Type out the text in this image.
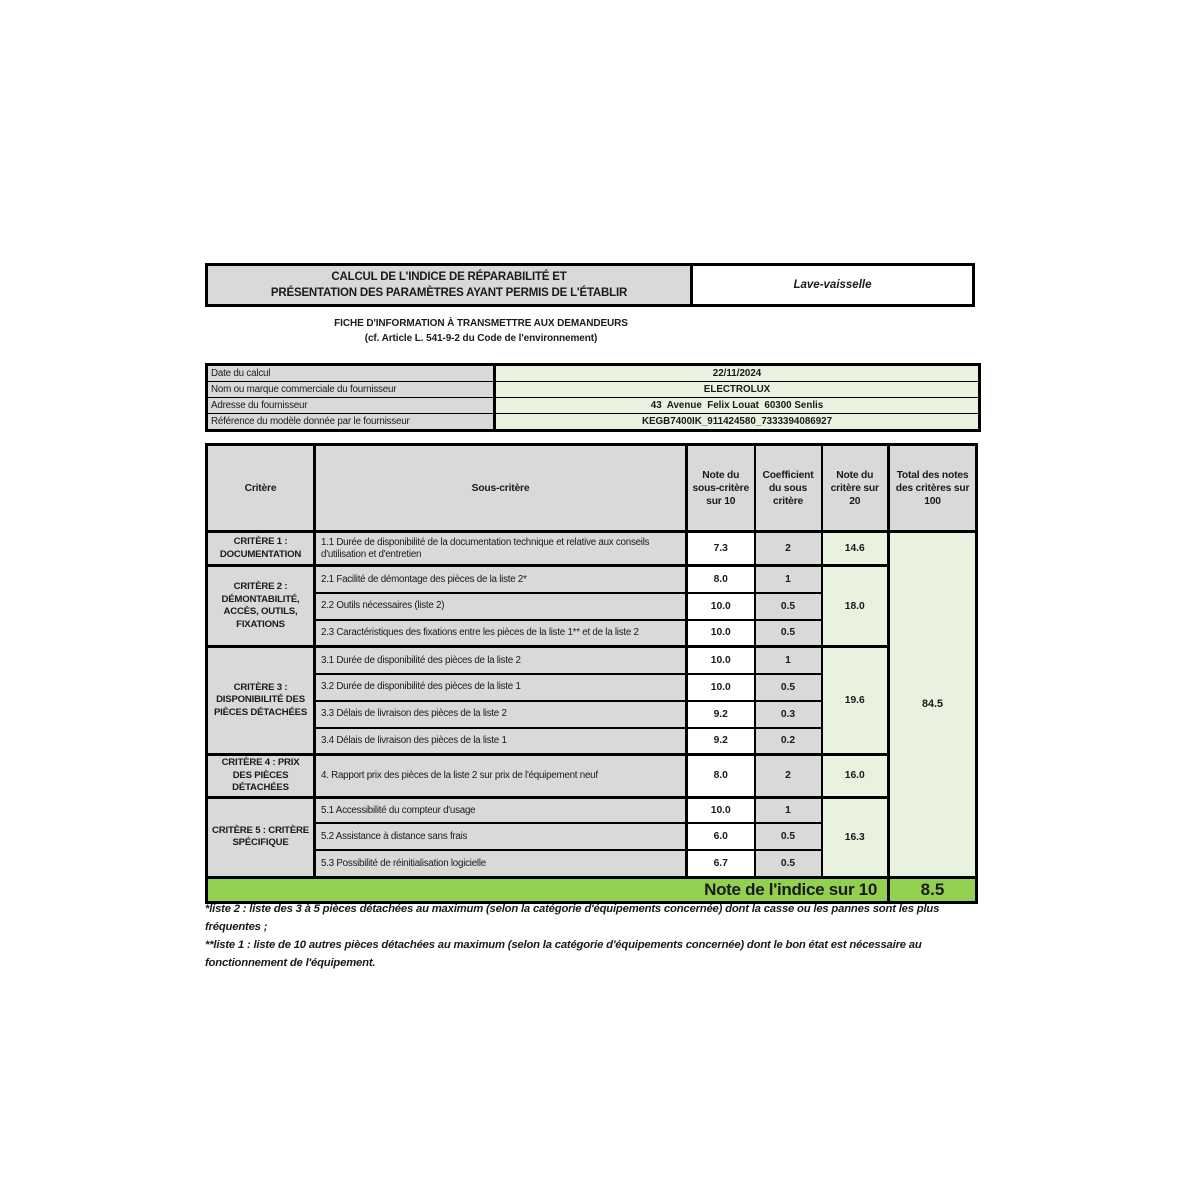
CALCUL DE L'INDICE DE RÉPARABILITÉ ET
PRÉSENTATION DES PARAMÈTRES AYANT PERMIS DE L'ÉTABLIR
Lave-vaisselle
FICHE D'INFORMATION À TRANSMETTRE AUX DEMANDEURS
(cf. Article L. 541-9-2 du Code de l'environnement)
Date du calcul	22/11/2024
Nom ou marque commerciale du fournisseur	ELECTROLUX
Adresse du fournisseur	43  Avenue  Felix Louat  60300 Senlis
Référence du modèle donnée par le fournisseur	KEGB7400IK_911424580_7333394086927
Critère	Sous-critère	Note du sous-critère sur 10	Coefficient du sous critère	Note du critère sur 20	Total des notes des critères sur 100
CRITÈRE 1 : DOCUMENTATION	1.1 Durée de disponibilité de la documentation technique et relative aux conseils d'utilisation et d'entretien	7.3	2	14.6	84.5
CRITÈRE 2 : DÉMONTABILITÉ, ACCÈS, OUTILS, FIXATIONS	2.1 Facilité de démontage des pièces de la liste 2*	8.0	1	18.0	
	2.2 Outils nécessaires (liste 2)	10.0	0.5		
	2.3 Caractéristiques des fixations entre les pièces de la liste 1** et de la liste 2	10.0	0.5		
CRITÈRE 3 : DISPONIBILITÉ DES PIÈCES DÉTACHÉES	3.1 Durée de disponibilité des pièces de la liste 2	10.0	1	19.6	
	3.2 Durée de disponibilité des pièces de la liste 1	10.0	0.5		
	3.3 Délais de livraison des pièces de la liste 2	9.2	0.3		
	3.4 Délais de livraison des pièces de la liste 1	9.2	0.2		
CRITÈRE 4 : PRIX DES PIÈCES DÉTACHÉES	4. Rapport prix des pièces de la liste 2 sur prix de l'équipement neuf	8.0	2	16.0	
CRITÈRE 5 : CRITÈRE SPÉCIFIQUE	5.1 Accessibilité du compteur d'usage	10.0	1	16.3	
	5.2 Assistance à distance sans frais	6.0	0.5		
	5.3 Possibilité de réinitialisation logicielle	6.7	0.5		
Note de l'indice sur 10					8.5

*liste 2 : liste des 3 à 5 pièces détachées au maximum (selon la catégorie d'équipements concernée) dont la casse ou les pannes sont les plus fréquentes ;

**liste 1 : liste de 10 autres pièces détachées au maximum (selon la catégorie d'équipements concernée) dont le bon état est nécessaire au fonctionnement de l'équipement.
